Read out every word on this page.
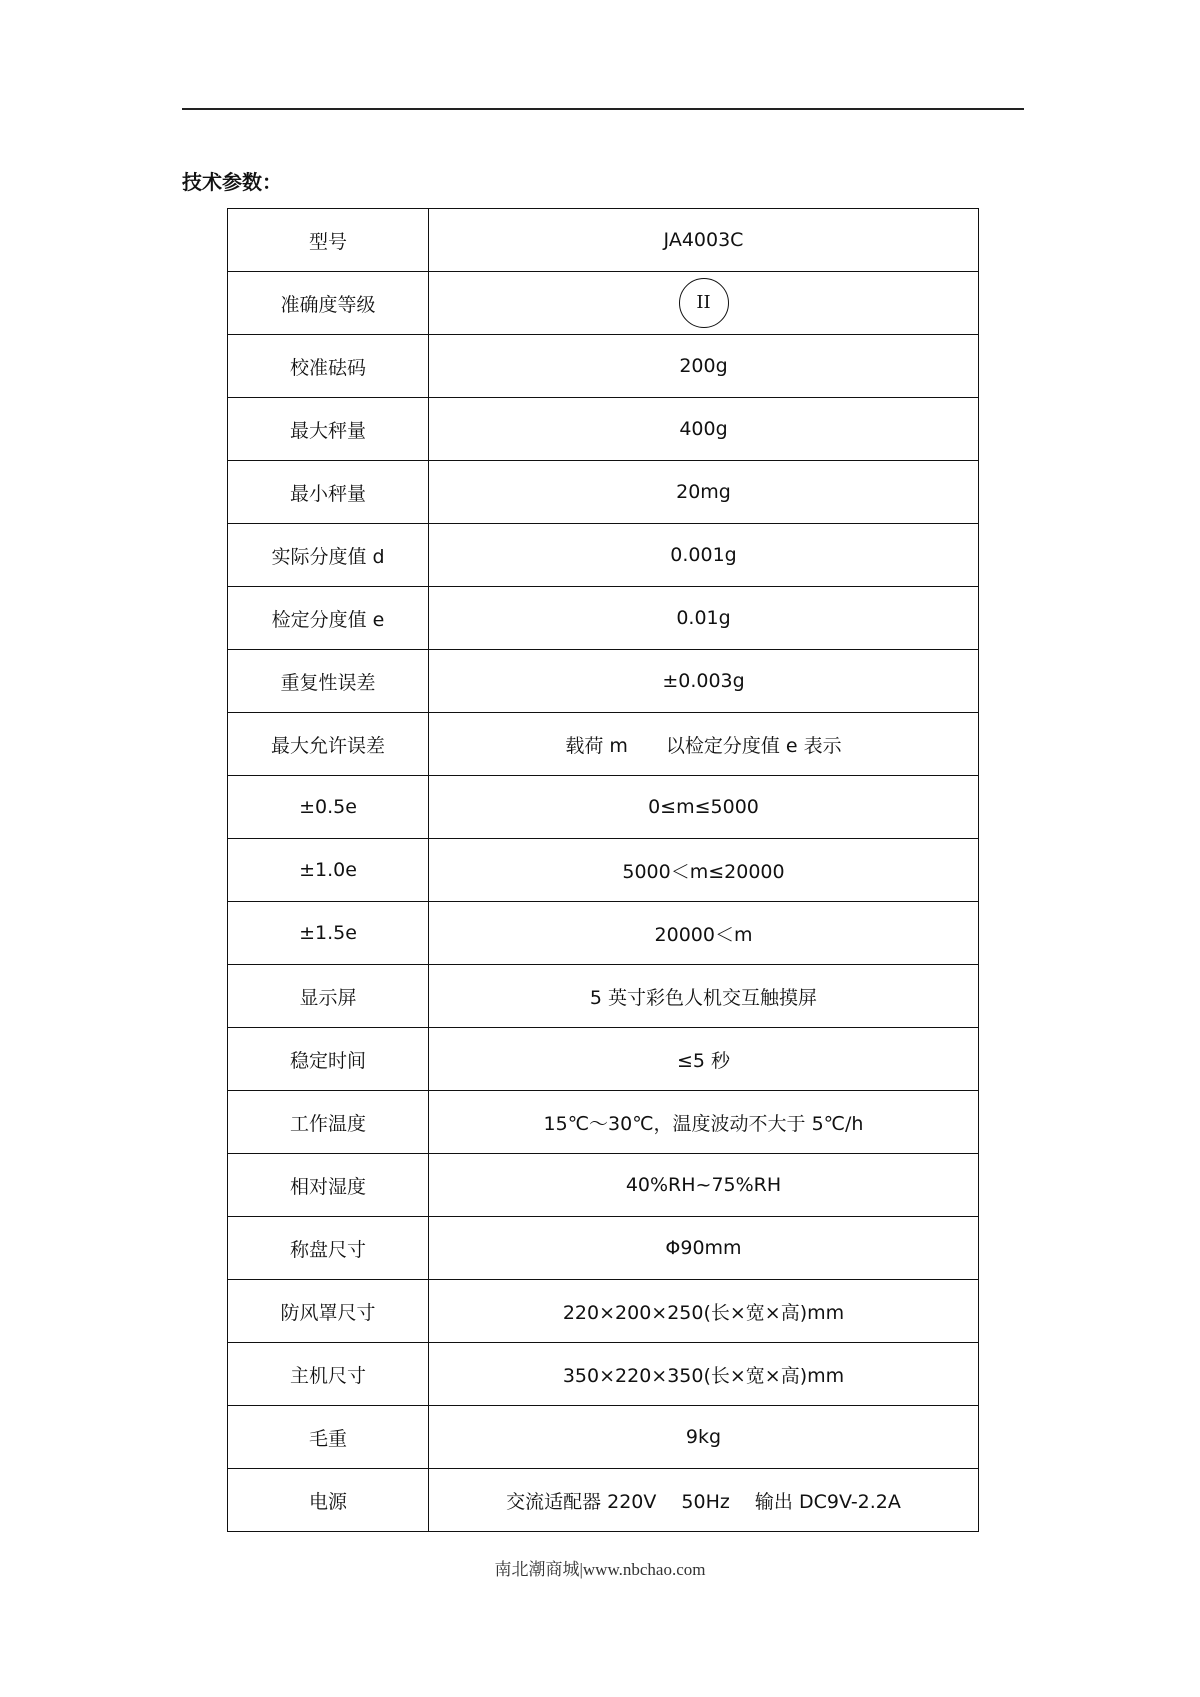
技术参数：
型号	JA4003C
准确度等级	II
校准砝码	200g
最大秤量	400g
最小秤量	20mg
实际分度值 d	0.001g
检定分度值 e	0.01g
重复性误差	±0.003g
最大允许误差	载荷 m　　以检定分度值 e 表示
±0.5e	0≤m≤5000
±1.0e	5000＜m≤20000
±1.5e	20000＜m
显示屏	5 英寸彩色人机交互触摸屏
稳定时间	≤5 秒
工作温度	15℃～30℃，温度波动不大于 5℃/h
相对湿度	40%RH~75%RH
称盘尺寸	Φ90mm
防风罩尺寸	220×200×250(长×宽×高)mm
主机尺寸	350×220×350(长×宽×高)mm
毛重	9kg
电源	交流适配器 220V　 50Hz　 输出 DC9V-2.2A
南北潮商城|www.nbchao.com
